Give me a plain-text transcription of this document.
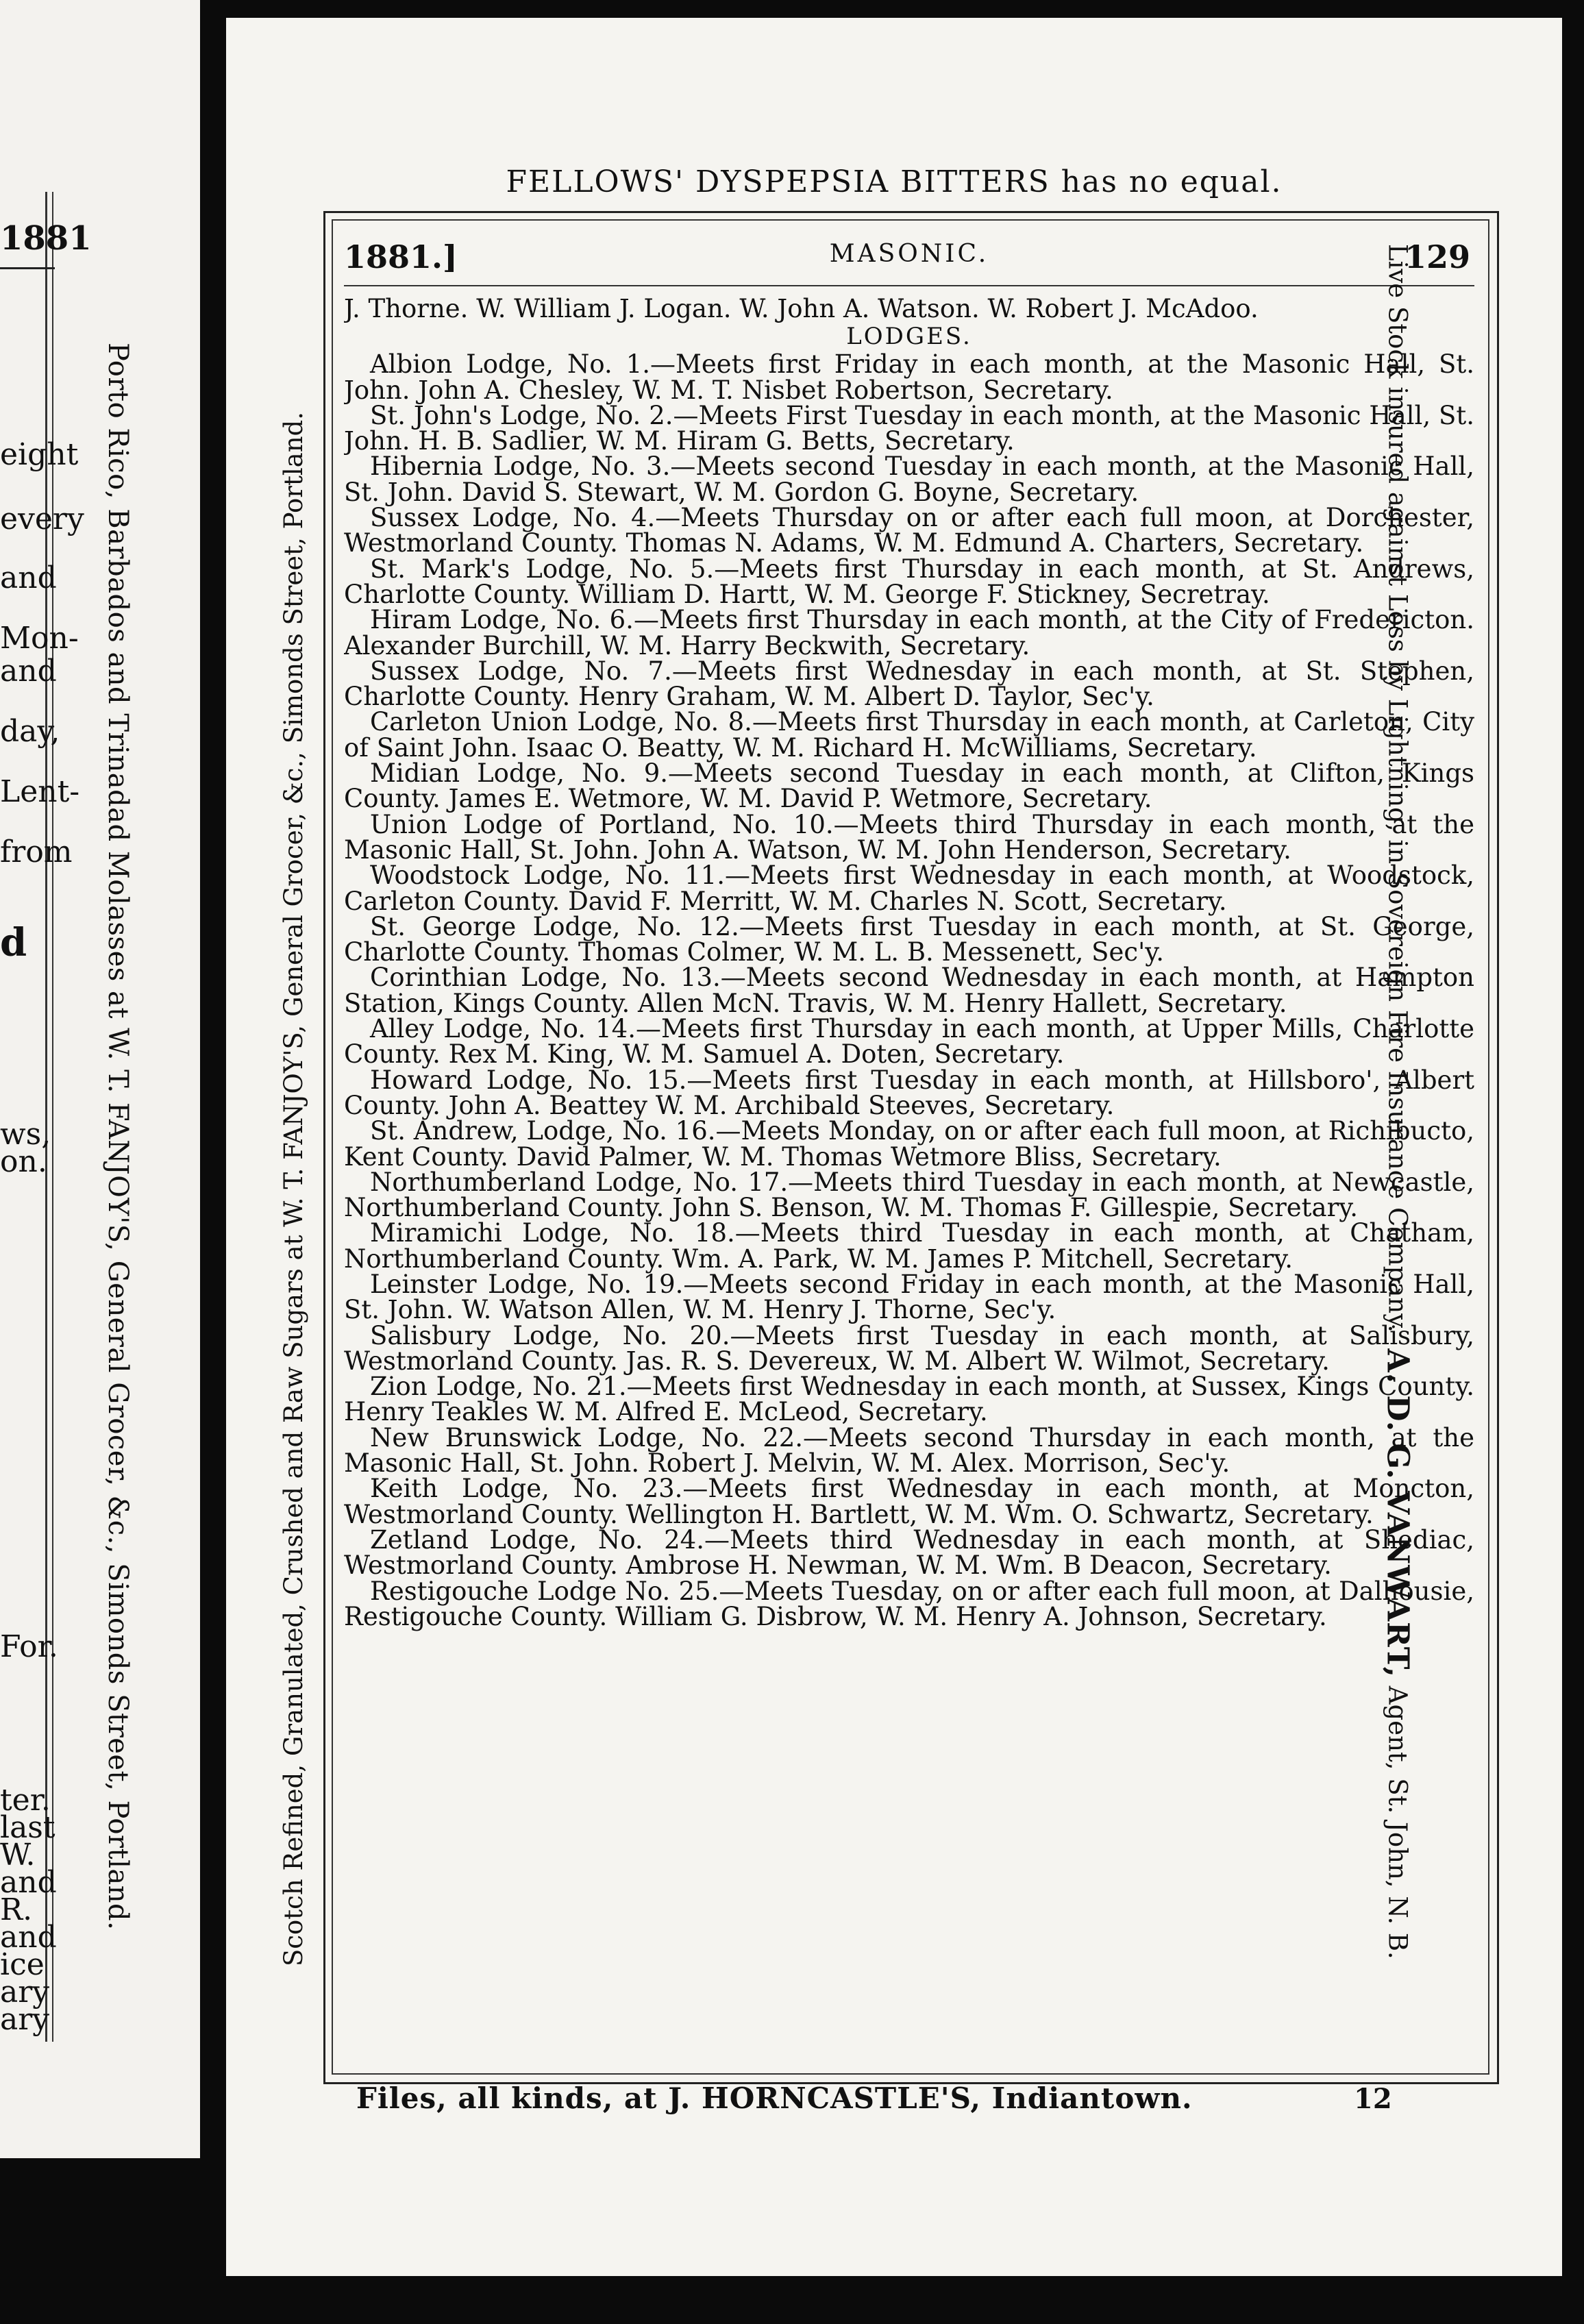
1881
eight
every
and
Mon-
and
day,
Lent-
from
d
ws,
on.
For.
ter.
last
W.
and
R.
and
ice
ary
ary
Porto Rico, Barbados and Trinadad Molasses at W. T. FANJOY'S, General Grocer, &c., Simonds Street, Portland.
FELLOWS' DYSPEPSIA BITTERS has no equal.
Scotch Refined, Granulated, Crushed and Raw Sugars at W. T. FANJOY'S, General Grocer, &c., Simonds Street, Portland.
1881.]	MASONIC.	129

J. Thorne. W. William J. Logan. W. John A. Watson. W. Robert J. McAdoo.

LODGES.

Albion Lodge, No. 1.—Meets first Friday in each month, at the Masonic Hall, St. John. John A. Chesley, W. M. T. Nisbet Robertson, Secretary.

St. John's Lodge, No. 2.—Meets First Tuesday in each month, at the Masonic Hall, St. John. H. B. Sadlier, W. M. Hiram G. Betts, Secretary.

Hibernia Lodge, No. 3.—Meets second Tuesday in each month, at the Masonic Hall, St. John. David S. Stewart, W. M. Gordon G. Boyne, Secretary.

Sussex Lodge, No. 4.—Meets Thursday on or after each full moon, at Dorchester, Westmorland County. Thomas N. Adams, W. M. Edmund A. Charters, Secretary.

St. Mark's Lodge, No. 5.—Meets first Thursday in each month, at St. Andrews, Charlotte County. William D. Hartt, W. M. George F. Stickney, Secretray.

Hiram Lodge, No. 6.—Meets first Thursday in each month, at the City of Fredericton. Alexander Burchill, W. M. Harry Beckwith, Secretary.

Sussex Lodge, No. 7.—Meets first Wednesday in each month, at St. Stephen, Charlotte County. Henry Graham, W. M. Albert D. Taylor, Sec'y.

Carleton Union Lodge, No. 8.—Meets first Thursday in each month, at Carleton, City of Saint John. Isaac O. Beatty, W. M. Richard H. McWilliams, Secretary.

Midian Lodge, No. 9.—Meets second Tuesday in each month, at Clifton, Kings County. James E. Wetmore, W. M. David P. Wetmore, Secretary.

Union Lodge of Portland, No. 10.—Meets third Thursday in each month, at the Masonic Hall, St. John. John A. Watson, W. M. John Henderson, Secretary.

Woodstock Lodge, No. 11.—Meets first Wednesday in each month, at Woodstock, Carleton County. David F. Merritt, W. M. Charles N. Scott, Secretary.

St. George Lodge, No. 12.—Meets first Tuesday in each month, at St. George, Charlotte County. Thomas Colmer, W. M. L. B. Messenett, Sec'y.

Corinthian Lodge, No. 13.—Meets second Wednesday in each month, at Hampton Station, Kings County. Allen McN. Travis, W. M. Henry Hallett, Secretary.

Alley Lodge, No. 14.—Meets first Thursday in each month, at Upper Mills, Charlotte County. Rex M. King, W. M. Samuel A. Doten, Secretary.

Howard Lodge, No. 15.—Meets first Tuesday in each month, at Hillsboro', Albert County. John A. Beattey W. M. Archibald Steeves, Secretary.

St. Andrew, Lodge, No. 16.—Meets Monday, on or after each full moon, at Richibucto, Kent County. David Palmer, W. M. Thomas Wetmore Bliss, Secretary.

Northumberland Lodge, No. 17.—Meets third Tuesday in each month, at Newcastle, Northumberland County. John S. Benson, W. M. Thomas F. Gillespie, Secretary.

Miramichi Lodge, No. 18.—Meets third Tuesday in each month, at Chatham, Northumberland County. Wm. A. Park, W. M. James P. Mitchell, Secretary.

Leinster Lodge, No. 19.—Meets second Friday in each month, at the Masonic Hall, St. John. W. Watson Allen, W. M. Henry J. Thorne, Sec'y.

Salisbury Lodge, No. 20.—Meets first Tuesday in each month, at Salisbury, Westmorland County. Jas. R. S. Devereux, W. M. Albert W. Wilmot, Secretary.

Zion Lodge, No. 21.—Meets first Wednesday in each month, at Sussex, Kings County. Henry Teakles W. M. Alfred E. McLeod, Secretary.

New Brunswick Lodge, No. 22.—Meets second Thursday in each month, at the Masonic Hall, St. John. Robert J. Melvin, W. M. Alex. Morrison, Sec'y.

Keith Lodge, No. 23.—Meets first Wednesday in each month, at Moncton, Westmorland County. Wellington H. Bartlett, W. M. Wm. O. Schwartz, Secretary.

Zetland Lodge, No. 24.—Meets third Wednesday in each month, at Shediac, Westmorland County. Ambrose H. Newman, W. M. Wm. B Deacon, Secretary.

Restigouche Lodge No. 25.—Meets Tuesday, on or after each full moon, at Dalhousie, Restigouche County. William G. Disbrow, W. M. Henry A. Johnson, Secretary.

Live Stock insured against Loss by Lightning, in Sovereign Fire Insurance Company.  A. D. G. VANWART, Agent, St. John, N. B.
Files, all kinds, at J. HORNCASTLE'S, Indiantown.	12
